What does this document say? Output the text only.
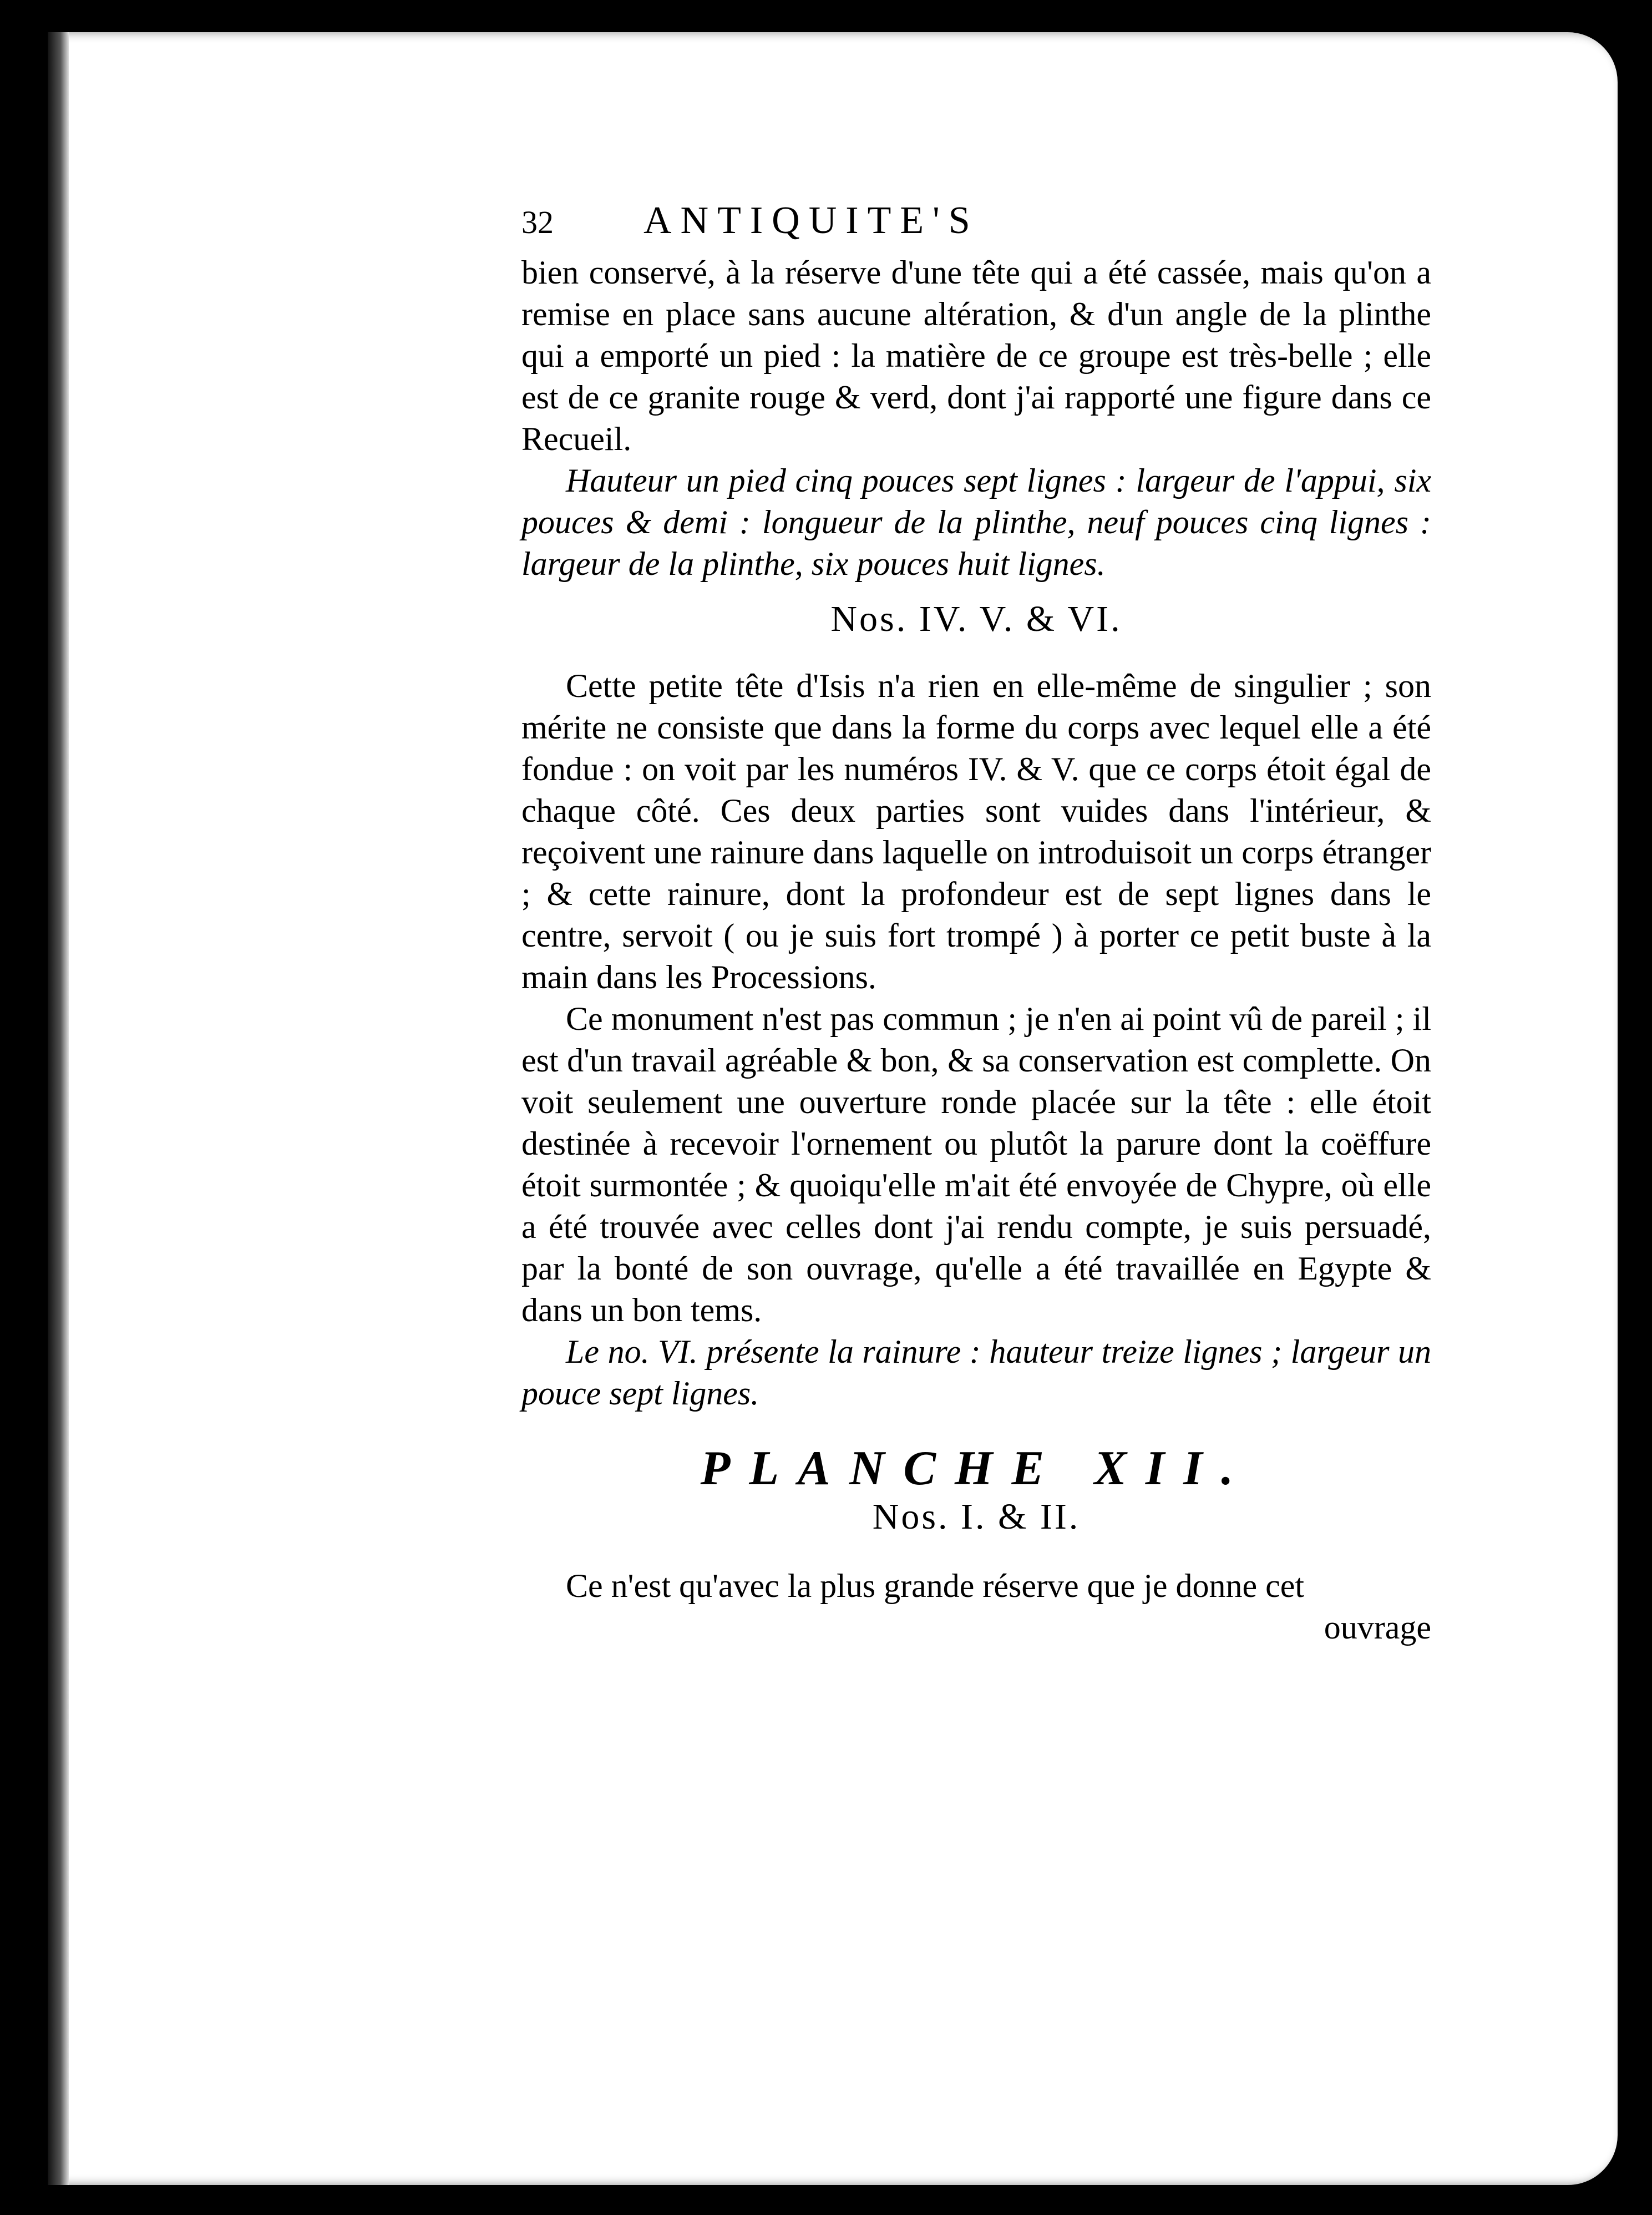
32	ANTIQUITE'S

bien conservé, à la réserve d'une tête qui a été cassée, mais qu'on a remise en place sans aucune altération, & d'un angle de la plinthe qui a emporté un pied : la matière de ce groupe est très-belle ; elle est de ce granite rouge & verd, dont j'ai rapporté une figure dans ce Recueil.

Hauteur un pied cinq pouces sept lignes : largeur de l'appui, six pouces & demi : longueur de la plinthe, neuf pouces cinq lignes : largeur de la plinthe, six pouces huit lignes.

Nos. IV. V. & VI.

Cette petite tête d'Isis n'a rien en elle-même de singulier ; son mérite ne consiste que dans la forme du corps avec lequel elle a été fondue : on voit par les numéros IV. & V. que ce corps étoit égal de chaque côté. Ces deux parties sont vuides dans l'intérieur, & reçoivent une rainure dans laquelle on introduisoit un corps étranger ; & cette rainure, dont la profondeur est de sept lignes dans le centre, servoit ( ou je suis fort trompé ) à porter ce petit buste à la main dans les Processions.

Ce monument n'est pas commun ; je n'en ai point vû de pareil ; il est d'un travail agréable & bon, & sa conservation est complette. On voit seulement une ouverture ronde placée sur la tête : elle étoit destinée à recevoir l'ornement ou plutôt la parure dont la coëffure étoit surmontée ; & quoiqu'elle m'ait été envoyée de Chypre, où elle a été trouvée avec celles dont j'ai rendu compte, je suis persuadé, par la bonté de son ouvrage, qu'elle a été travaillée en Egypte & dans un bon tems.

Le no. VI. présente la rainure : hauteur treize lignes ; largeur un pouce sept lignes.

PLANCHE XII.

Nos. I. & II.

Ce n'est qu'avec la plus grande réserve que je donne cet

ouvrage
